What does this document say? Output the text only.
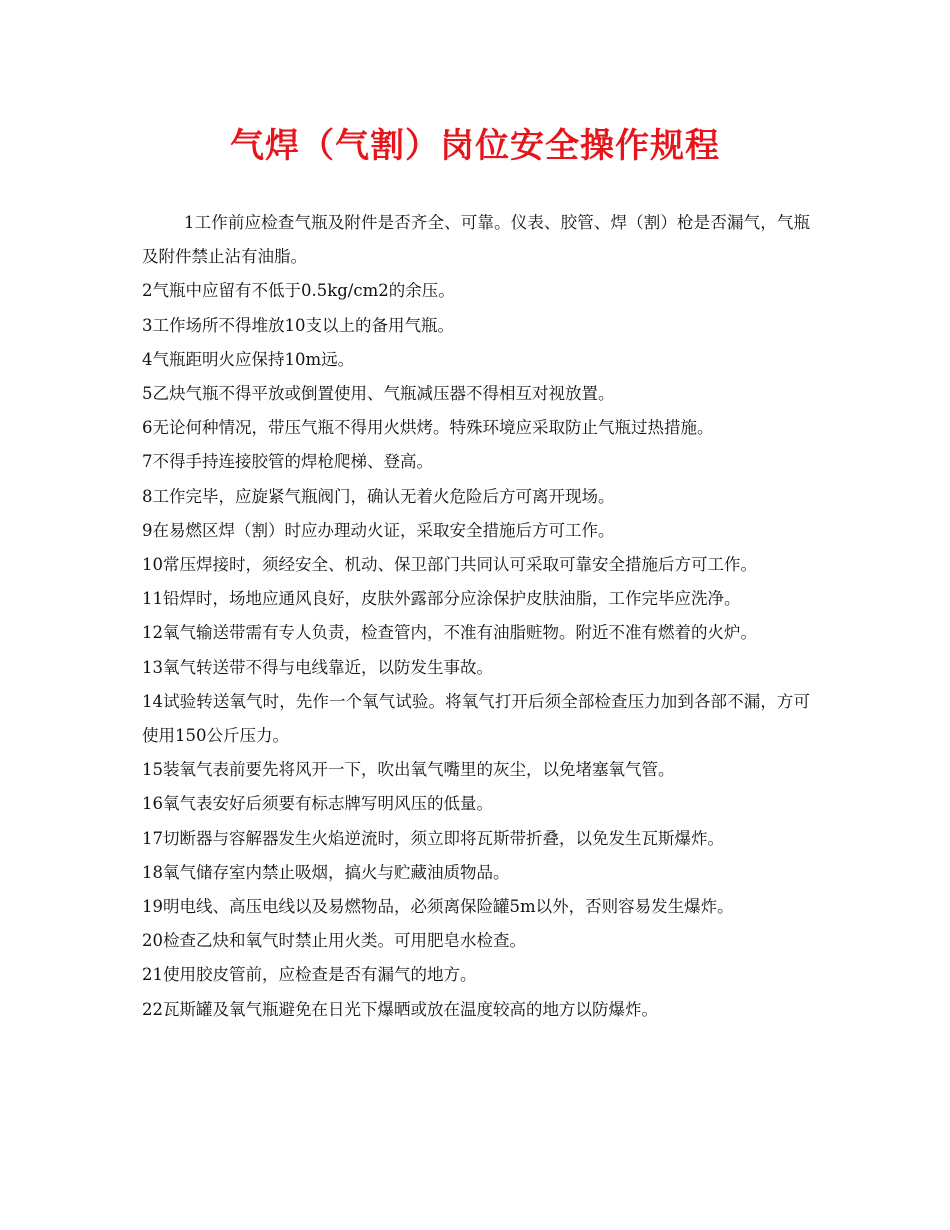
气焊（气割）岗位安全操作规程

1工作前应检查气瓶及附件是否齐全、可靠。仪表、胶管、焊（割）枪是否漏气，气瓶及附件禁止沾有油脂。

2气瓶中应留有不低于0.5kg/cm2的余压。

3工作场所不得堆放10支以上的备用气瓶。

4气瓶距明火应保持10m远。

5乙炔气瓶不得平放或倒置使用、气瓶减压器不得相互对视放置。

6无论何种情况，带压气瓶不得用火烘烤。特殊环境应采取防止气瓶过热措施。

7不得手持连接胶管的焊枪爬梯、登高。

8工作完毕，应旋紧气瓶阀门，确认无着火危险后方可离开现场。

9在易燃区焊（割）时应办理动火证，采取安全措施后方可工作。

10常压焊接时，须经安全、机动、保卫部门共同认可采取可靠安全措施后方可工作。

11铅焊时，场地应通风良好，皮肤外露部分应涂保护皮肤油脂，工作完毕应洗净。

12氧气输送带需有专人负责，检查管内，不准有油脂赃物。附近不准有燃着的火炉。

13氧气转送带不得与电线靠近，以防发生事故。

14试验转送氧气时，先作一个氧气试验。将氧气打开后须全部检查压力加到各部不漏，方可使用150公斤压力。

15装氧气表前要先将风开一下，吹出氧气嘴里的灰尘，以免堵塞氧气管。

16氧气表安好后须要有标志牌写明风压的低量。

17切断器与容解器发生火焰逆流时，须立即将瓦斯带折叠，以免发生瓦斯爆炸。

18氧气储存室内禁止吸烟，搞火与贮藏油质物品。

19明电线、高压电线以及易燃物品，必须离保险罐5m以外，否则容易发生爆炸。

20检查乙炔和氧气时禁止用火类。可用肥皂水检查。

21使用胶皮管前，应检查是否有漏气的地方。

22瓦斯罐及氧气瓶避免在日光下爆晒或放在温度较高的地方以防爆炸。
